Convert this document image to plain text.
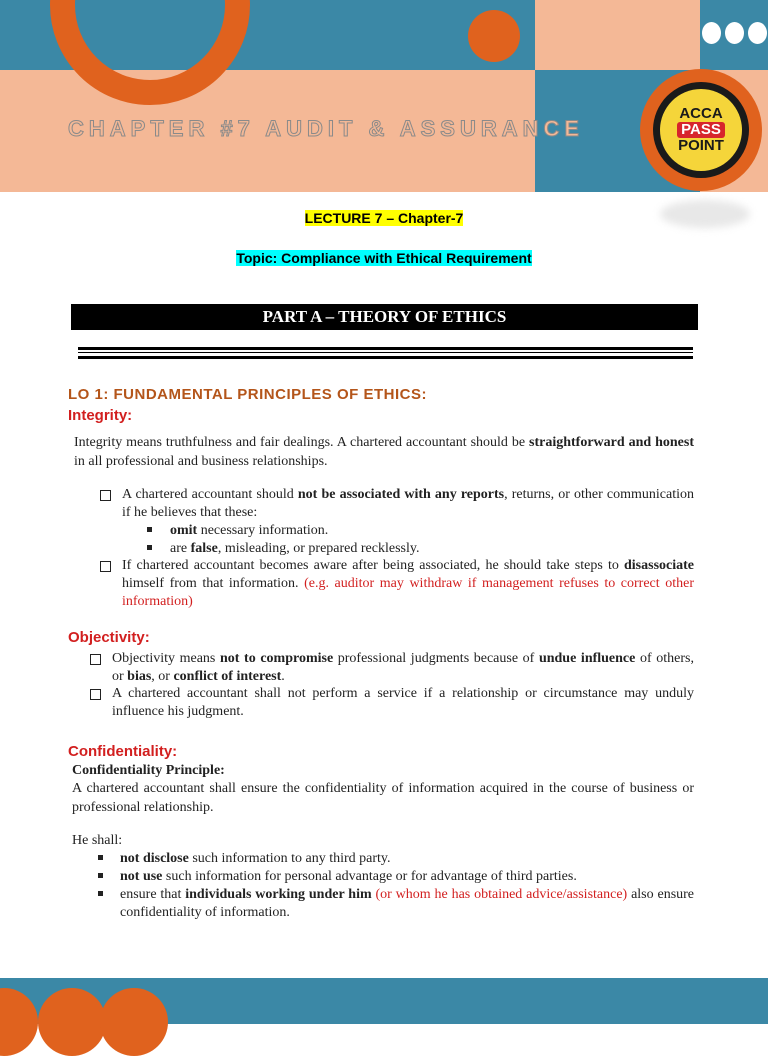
CHAPTER #7 AUDIT & ASSURANCE
ACCA
PASS
POINT
LECTURE 7 – Chapter-7
Topic: Compliance with Ethical Requirement
PART A – THEORY OF ETHICS
LO 1: FUNDAMENTAL PRINCIPLES OF ETHICS:
Integrity:
Integrity means truthfulness and fair dealings. A chartered accountant should be straightforward and honest in all professional and business relationships.
A chartered accountant should not be associated with any reports, returns, or other communication if he believes that these:
omit necessary information.
are false, misleading, or prepared recklessly.
If chartered accountant becomes aware after being associated, he should take steps to disassociate himself from that information. (e.g. auditor may withdraw if management refuses to correct other information)
Objectivity:
Objectivity means not to compromise professional judgments because of undue influence of others, or bias, or conflict of interest.
A chartered accountant shall not perform a service if a relationship or circumstance may unduly influence his judgment.
Confidentiality:
Confidentiality Principle:
A chartered accountant shall ensure the confidentiality of information acquired in the course of business or professional relationship.
He shall:
not disclose such information to any third party.
not use such information for personal advantage or for advantage of third parties.
ensure that individuals working under him (or whom he has obtained advice/assistance) also ensure confidentiality of information.
